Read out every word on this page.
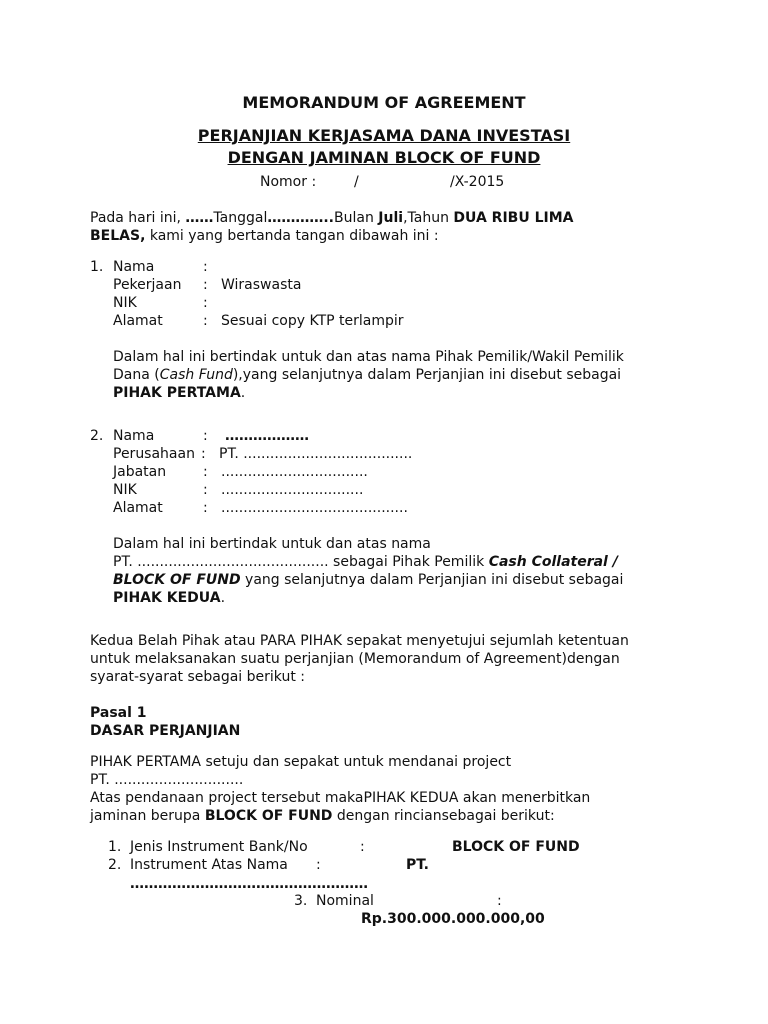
MEMORANDUM OF AGREEMENT
PERJANJIAN KERJASAMA DANA INVESTASI
DENGAN JAMINAN BLOCK OF FUND
Nomor :	/	/X-2015
Pada hari ini, ……Tanggal…………..Bulan Juli,Tahun DUA RIBU LIMA
BELAS, kami yang bertanda tangan dibawah ini :
1. Nama	:
Pekerjaan : Wiraswasta
NIK	:
Alamat	: Sesuai copy KTP terlampir
Dalam hal ini bertindak untuk dan atas nama Pihak Pemilik/Wakil Pemilik
Dana (Cash Fund),yang selanjutnya dalam Perjanjian ini disebut sebagai
PIHAK PERTAMA.
2. Nama	: ………………
Perusahaan : PT. ......................................
Jabatan	: .................................
NIK	: ................................
Alamat	: ..........................................
Dalam hal ini bertindak untuk dan atas nama
PT. ........................................... sebagai Pihak Pemilik Cash Collateral /
BLOCK OF FUND yang selanjutnya dalam Perjanjian ini disebut sebagai
PIHAK KEDUA.
Kedua Belah Pihak atau PARA PIHAK sepakat menyetujui sejumlah ketentuan
untuk melaksanakan suatu perjanjian (Memorandum of Agreement)dengan
syarat-syarat sebagai berikut :
Pasal 1
DASAR PERJANJIAN
PIHAK PERTAMA setuju dan sepakat untuk mendanai project
PT. .............................
Atas pendanaan project tersebut makaPIHAK KEDUA akan menerbitkan
jaminan berupa BLOCK OF FUND dengan rinciansebagai berikut:
1. Jenis Instrument Bank/No	:	BLOCK OF FUND
2. Instrument Atas Nama :	PT.
……………………………………………
3. Nominal	:
Rp.300.000.000.000,00
